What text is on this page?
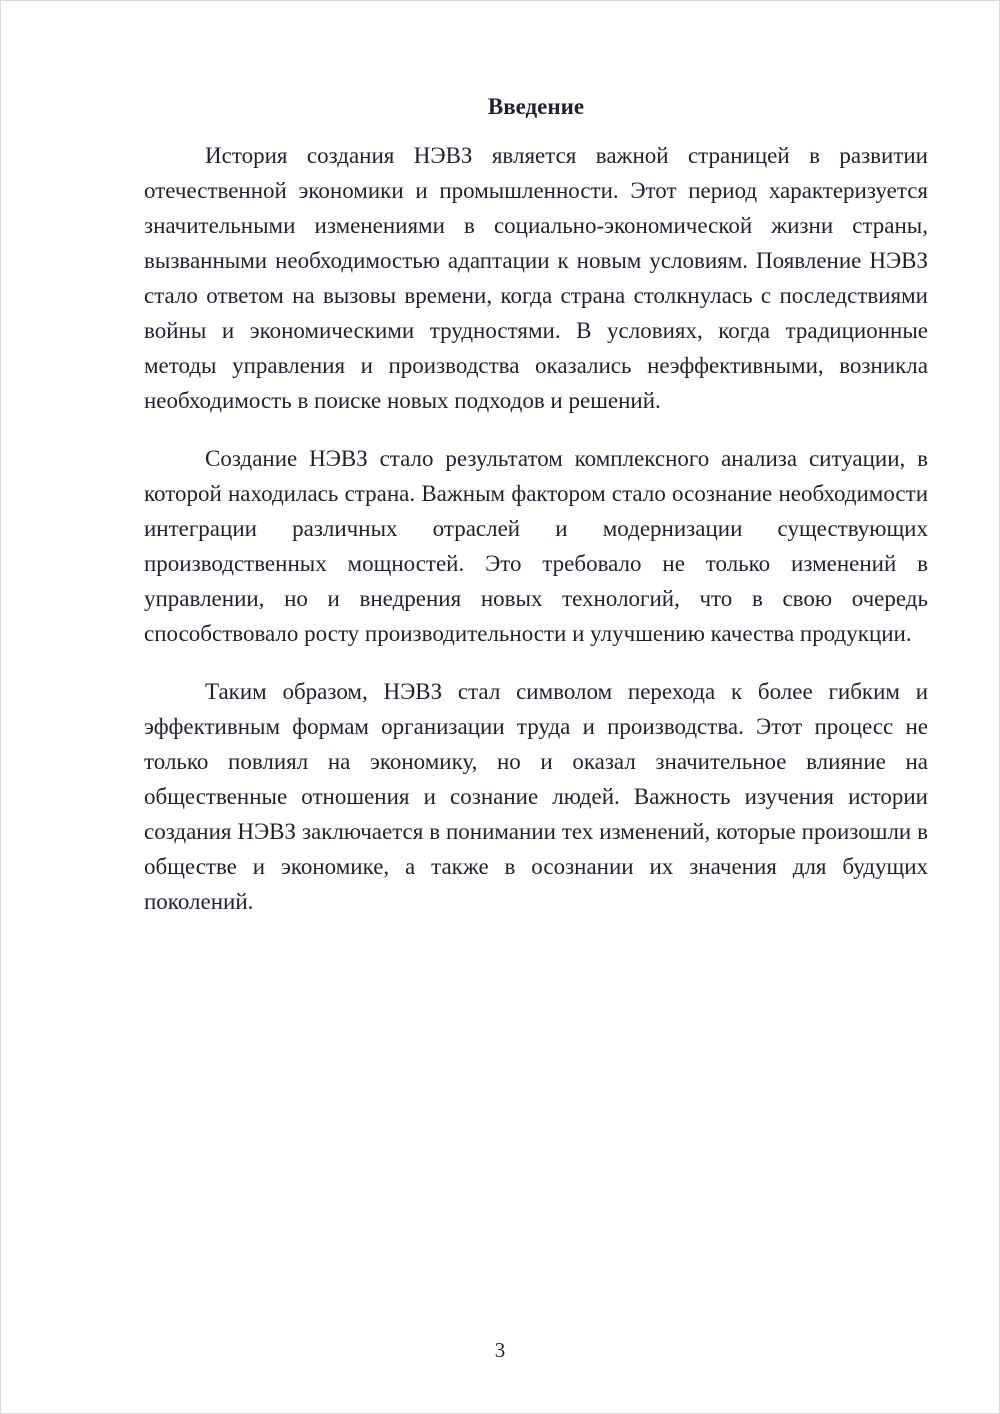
Введение

История создания НЭВЗ является важной страницей в развитии отечественной экономики и промышленности. Этот период характеризуется значительными изменениями в социально-экономической жизни страны, вызванными необходимостью адаптации к новым условиям. Появление НЭВЗ стало ответом на вызовы времени, когда страна столкнулась с последствиями войны и экономическими трудностями. В условиях, когда традиционные методы управления и производства оказались неэффективными, возникла необходимость в поиске новых подходов и решений.

Создание НЭВЗ стало результатом комплексного анализа ситуации, в которой находилась страна. Важным фактором стало осознание необходимости интеграции различных отраслей и модернизации существующих производственных мощностей. Это требовало не только изменений в управлении, но и внедрения новых технологий, что в свою очередь способствовало росту производительности и улучшению качества продукции.

Таким образом, НЭВЗ стал символом перехода к более гибким и эффективным формам организации труда и производства. Этот процесс не только повлиял на экономику, но и оказал значительное влияние на общественные отношения и сознание людей. Важность изучения истории создания НЭВЗ заключается в понимании тех изменений, которые произошли в обществе и экономике, а также в осознании их значения для будущих поколений.

3
